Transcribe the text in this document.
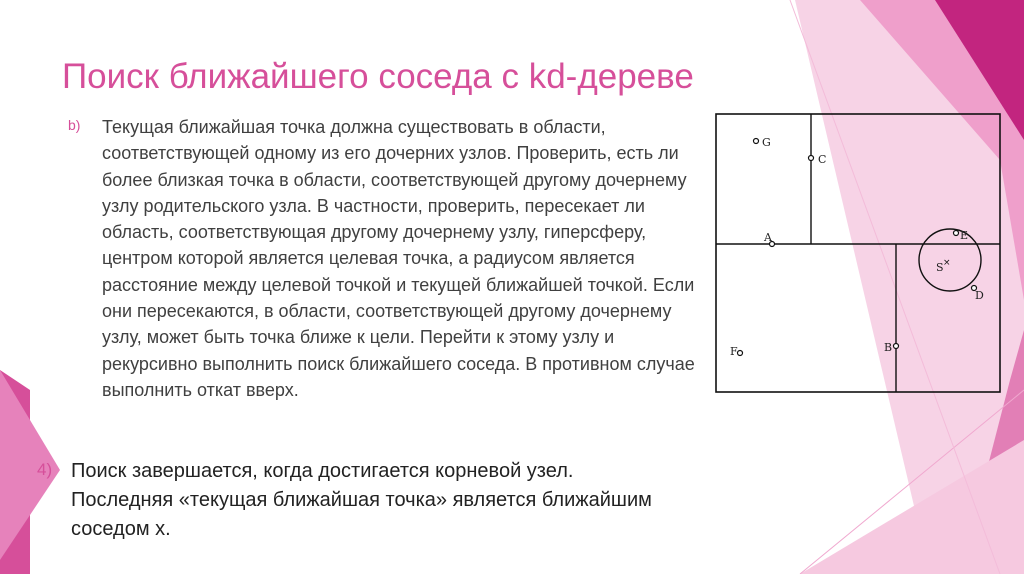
Поиск ближайшего соседа с kd-дереве
b) Текущая ближайшая точка должна существовать в области, соответствующей одному из его дочерних узлов. Проверить, есть ли более близкая точка в области, соответствующей другому дочернему узлу родительского узла. В частности, проверить, пересекает ли область, соответствующая другому дочернему узлу, гиперсферу, центром которой является целевая точка, а радиусом является расстояние между целевой точкой и текущей ближайшей точкой. Если они пересекаются, в области, соответствующей другому дочернему узлу, может быть точка ближе к цели. Перейти к этому узлу и рекурсивно выполнить поиск ближайшего соседа. В противном случае выполнить откат вверх.

4) Поиск завершается, когда достигается корневой узел. Последняя «текущая ближайшая точка» является ближайшим соседом x.

G
C
A	E
×
S
D
B
F
